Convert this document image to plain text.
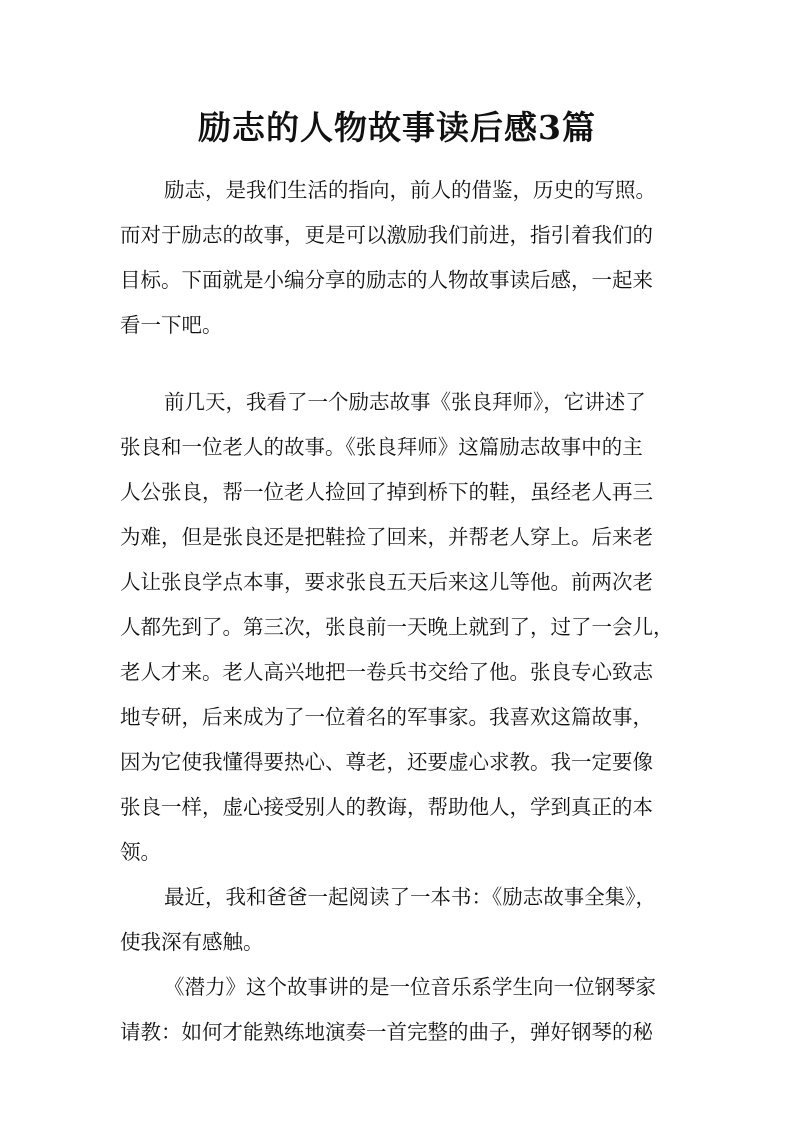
励志的人物故事读后感3篇
励志，是我们生活的指向，前人的借鉴，历史的写照。
而对于励志的故事，更是可以激励我们前进，指引着我们的
目标。下面就是小编分享的励志的人物故事读后感，一起来
看一下吧。
前几天，我看了一个励志故事《张良拜师》，它讲述了
张良和一位老人的故事。《张良拜师》这篇励志故事中的主
人公张良，帮一位老人捡回了掉到桥下的鞋，虽经老人再三
为难，但是张良还是把鞋捡了回来，并帮老人穿上。后来老
人让张良学点本事，要求张良五天后来这儿等他。前两次老
人都先到了。第三次，张良前一天晚上就到了，过了一会儿，
老人才来。老人高兴地把一卷兵书交给了他。张良专心致志
地专研，后来成为了一位着名的军事家。我喜欢这篇故事，
因为它使我懂得要热心、尊老，还要虚心求教。我一定要像
张良一样，虚心接受别人的教诲，帮助他人，学到真正的本
领。
最近，我和爸爸一起阅读了一本书：《励志故事全集》，
使我深有感触。
《潜力》这个故事讲的是一位音乐系学生向一位钢琴家
请教：如何才能熟练地演奏一首完整的曲子，弹好钢琴的秘
